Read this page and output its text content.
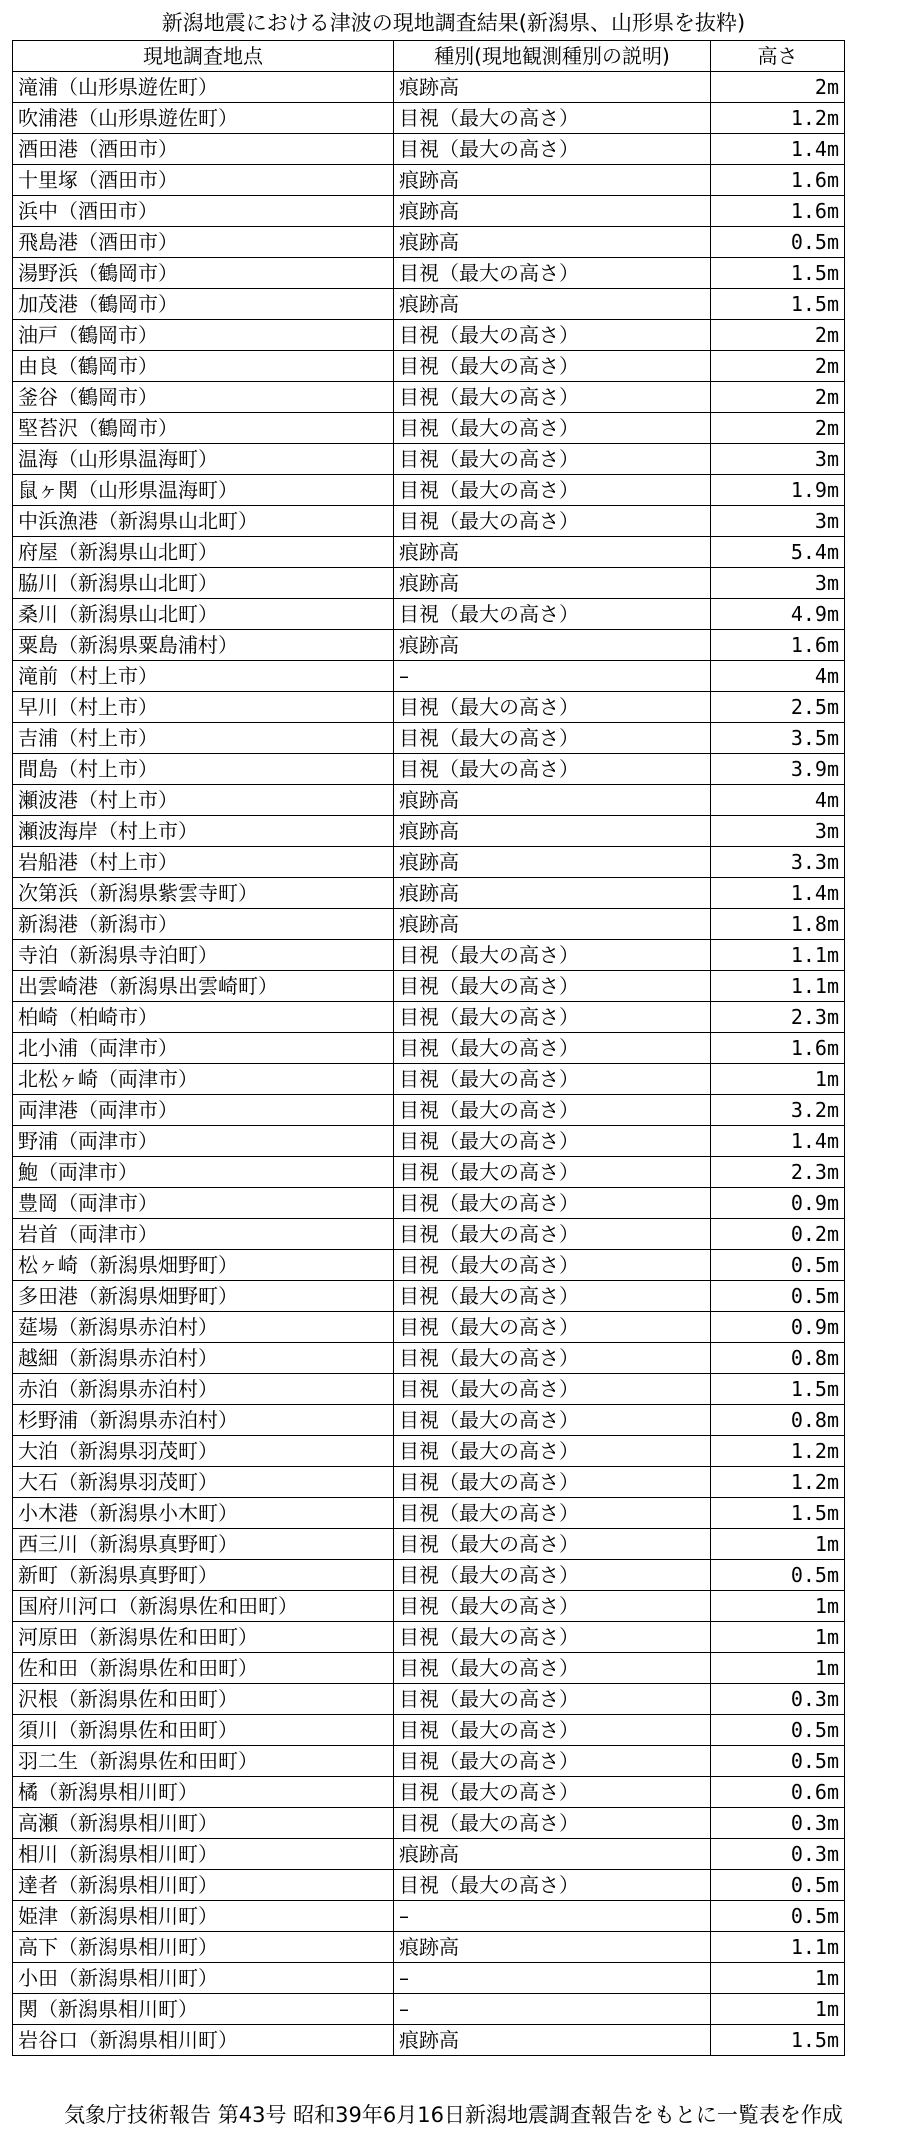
新潟地震における津波の現地調査結果(新潟県、山形県を抜粋)
現地調査地点	種別(現地観測種別の説明)	高さ
滝浦（山形県遊佐町）	痕跡高	2m
吹浦港（山形県遊佐町）	目視（最大の高さ）	1.2m
酒田港（酒田市）	目視（最大の高さ）	1.4m
十里塚（酒田市）	痕跡高	1.6m
浜中（酒田市）	痕跡高	1.6m
飛島港（酒田市）	痕跡高	0.5m
湯野浜（鶴岡市）	目視（最大の高さ）	1.5m
加茂港（鶴岡市）	痕跡高	1.5m
油戸（鶴岡市）	目視（最大の高さ）	2m
由良（鶴岡市）	目視（最大の高さ）	2m
釜谷（鶴岡市）	目視（最大の高さ）	2m
堅苔沢（鶴岡市）	目視（最大の高さ）	2m
温海（山形県温海町）	目視（最大の高さ）	3m
鼠ヶ関（山形県温海町）	目視（最大の高さ）	1.9m
中浜漁港（新潟県山北町）	目視（最大の高さ）	3m
府屋（新潟県山北町）	痕跡高	5.4m
脇川（新潟県山北町）	痕跡高	3m
桑川（新潟県山北町）	目視（最大の高さ）	4.9m
粟島（新潟県粟島浦村）	痕跡高	1.6m
滝前（村上市）	–	4m
早川（村上市）	目視（最大の高さ）	2.5m
吉浦（村上市）	目視（最大の高さ）	3.5m
間島（村上市）	目視（最大の高さ）	3.9m
瀬波港（村上市）	痕跡高	4m
瀬波海岸（村上市）	痕跡高	3m
岩船港（村上市）	痕跡高	3.3m
次第浜（新潟県紫雲寺町）	痕跡高	1.4m
新潟港（新潟市）	痕跡高	1.8m
寺泊（新潟県寺泊町）	目視（最大の高さ）	1.1m
出雲崎港（新潟県出雲崎町）	目視（最大の高さ）	1.1m
柏崎（柏崎市）	目視（最大の高さ）	2.3m
北小浦（両津市）	目視（最大の高さ）	1.6m
北松ヶ崎（両津市）	目視（最大の高さ）	1m
両津港（両津市）	目視（最大の高さ）	3.2m
野浦（両津市）	目視（最大の高さ）	1.4m
鮑（両津市）	目視（最大の高さ）	2.3m
豊岡（両津市）	目視（最大の高さ）	0.9m
岩首（両津市）	目視（最大の高さ）	0.2m
松ヶ崎（新潟県畑野町）	目視（最大の高さ）	0.5m
多田港（新潟県畑野町）	目視（最大の高さ）	0.5m
莚場（新潟県赤泊村）	目視（最大の高さ）	0.9m
越細（新潟県赤泊村）	目視（最大の高さ）	0.8m
赤泊（新潟県赤泊村）	目視（最大の高さ）	1.5m
杉野浦（新潟県赤泊村）	目視（最大の高さ）	0.8m
大泊（新潟県羽茂町）	目視（最大の高さ）	1.2m
大石（新潟県羽茂町）	目視（最大の高さ）	1.2m
小木港（新潟県小木町）	目視（最大の高さ）	1.5m
西三川（新潟県真野町）	目視（最大の高さ）	1m
新町（新潟県真野町）	目視（最大の高さ）	0.5m
国府川河口（新潟県佐和田町）	目視（最大の高さ）	1m
河原田（新潟県佐和田町）	目視（最大の高さ）	1m
佐和田（新潟県佐和田町）	目視（最大の高さ）	1m
沢根（新潟県佐和田町）	目視（最大の高さ）	0.3m
須川（新潟県佐和田町）	目視（最大の高さ）	0.5m
羽二生（新潟県佐和田町）	目視（最大の高さ）	0.5m
橘（新潟県相川町）	目視（最大の高さ）	0.6m
高瀬（新潟県相川町）	目視（最大の高さ）	0.3m
相川（新潟県相川町）	痕跡高	0.3m
達者（新潟県相川町）	目視（最大の高さ）	0.5m
姫津（新潟県相川町）	–	0.5m
高下（新潟県相川町）	痕跡高	1.1m
小田（新潟県相川町）	–	1m
関（新潟県相川町）	–	1m
岩谷口（新潟県相川町）	痕跡高	1.5m
気象庁技術報告 第43号 昭和39年6月16日新潟地震調査報告をもとに一覧表を作成
